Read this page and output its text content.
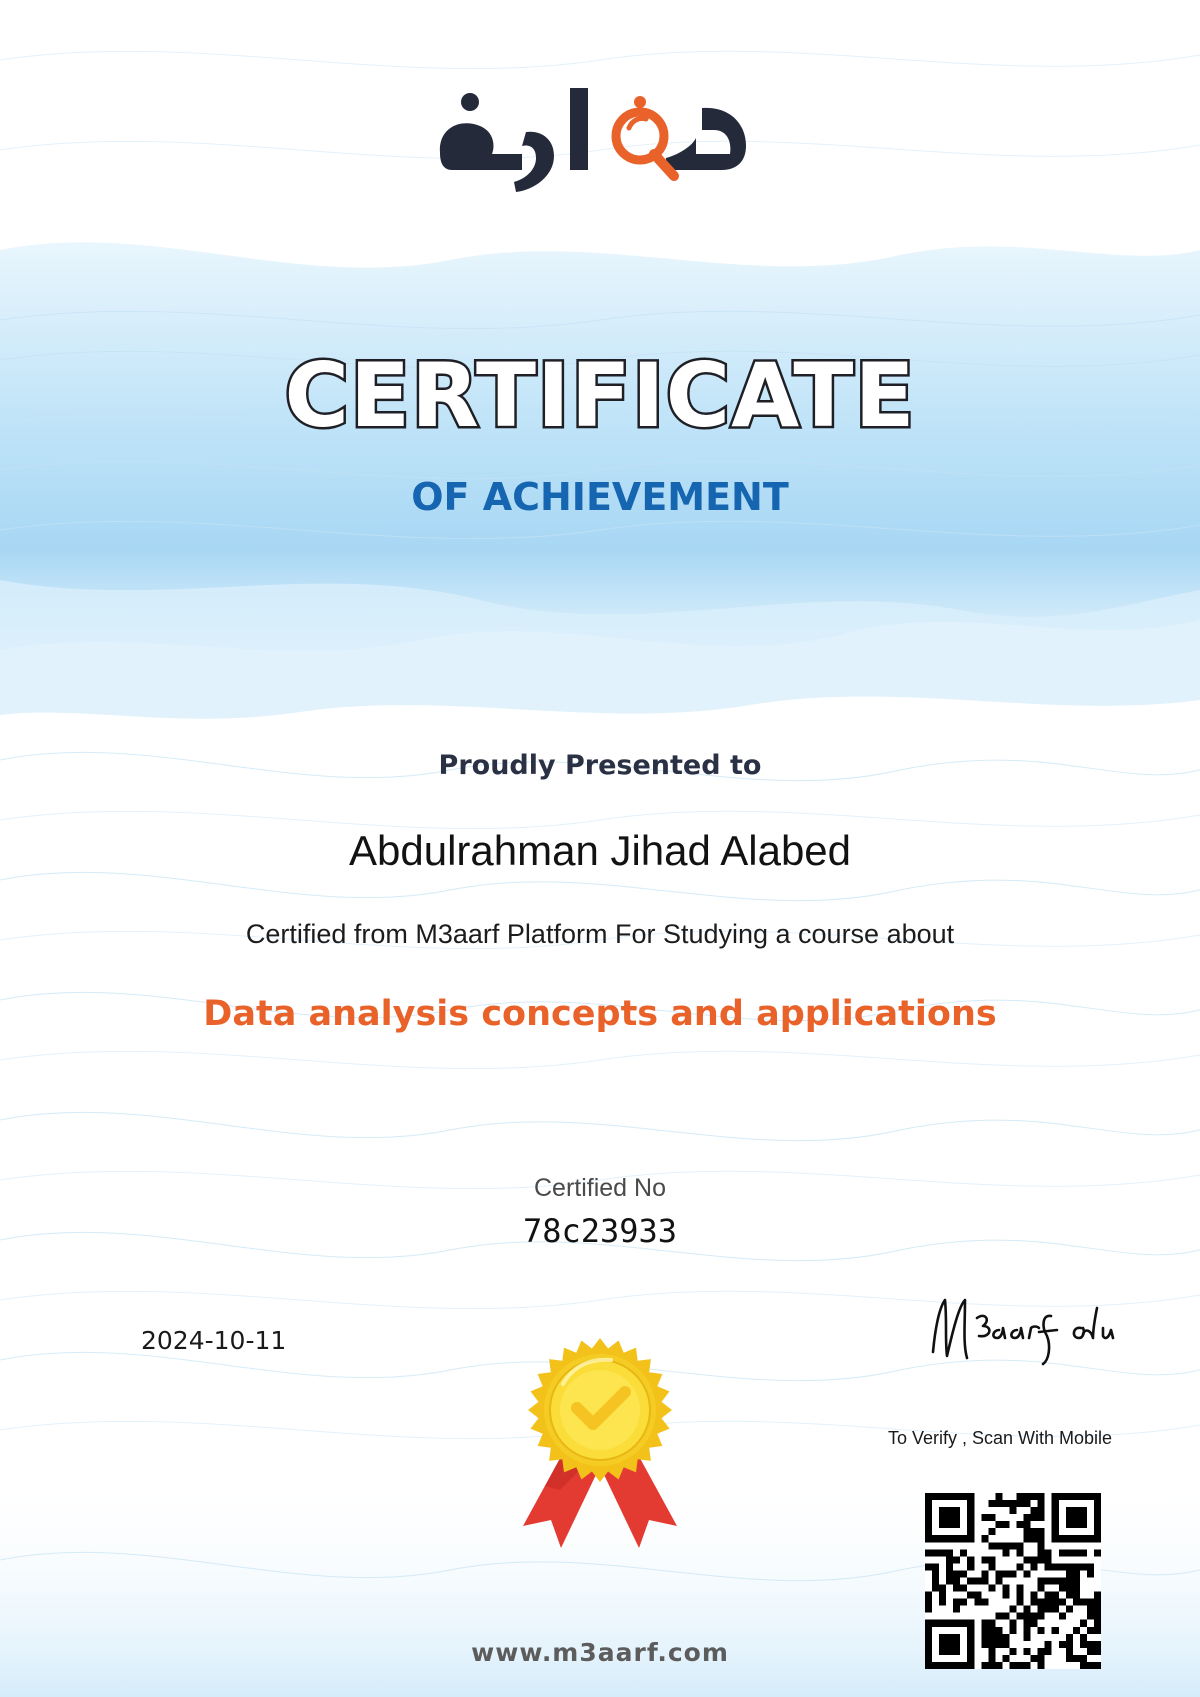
CERTIFICATE
OF ACHIEVEMENT
Proudly Presented to
Abdulrahman Jihad Alabed
Certified from M3aarf Platform For Studying a course about
Data analysis concepts and applications
Certified No
78c23933
2024-10-11
To Verify , Scan With Mobile
www.m3aarf.com
